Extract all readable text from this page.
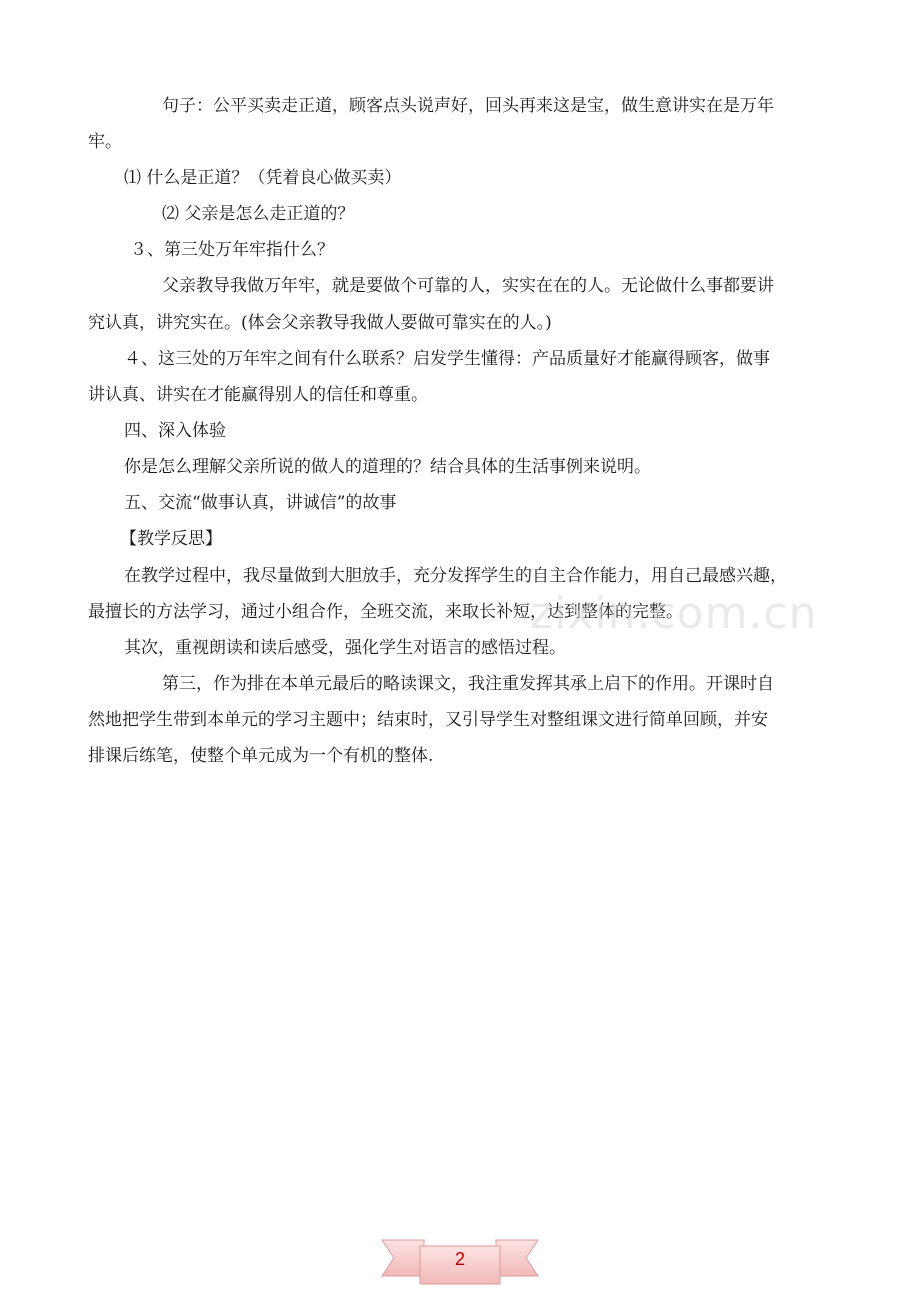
句子：公平买卖走正道，顾客点头说声好，回头再来这是宝，做生意讲实在是万年
牢。
⑴ 什么是正道？（凭着良心做买卖）
⑵ 父亲是怎么走正道的？
３、第三处万年牢指什么？
父亲教导我做万年牢，就是要做个可靠的人，实实在在的人。无论做什么事都要讲
究认真，讲究实在。(体会父亲教导我做人要做可靠实在的人。)
４、这三处的万年牢之间有什么联系？启发学生懂得：产品质量好才能赢得顾客，做事
讲认真、讲实在才能赢得别人的信任和尊重。
四、深入体验
你是怎么理解父亲所说的做人的道理的？结合具体的生活事例来说明。
五、交流“做事认真，讲诚信”的故事
【教学反思】
在教学过程中，我尽量做到大胆放手，充分发挥学生的自主合作能力，用自己最感兴趣，
最擅长的方法学习，通过小组合作，全班交流，来取长补短，达到整体的完整。
其次，重视朗读和读后感受，强化学生对语言的感悟过程。
第三，作为排在本单元最后的略读课文，我注重发挥其承上启下的作用。开课时自
然地把学生带到本单元的学习主题中；结束时，又引导学生对整组课文进行简单回顾，并安
排课后练笔，使整个单元成为一个有机的整体.
zixin.com.cn
2
